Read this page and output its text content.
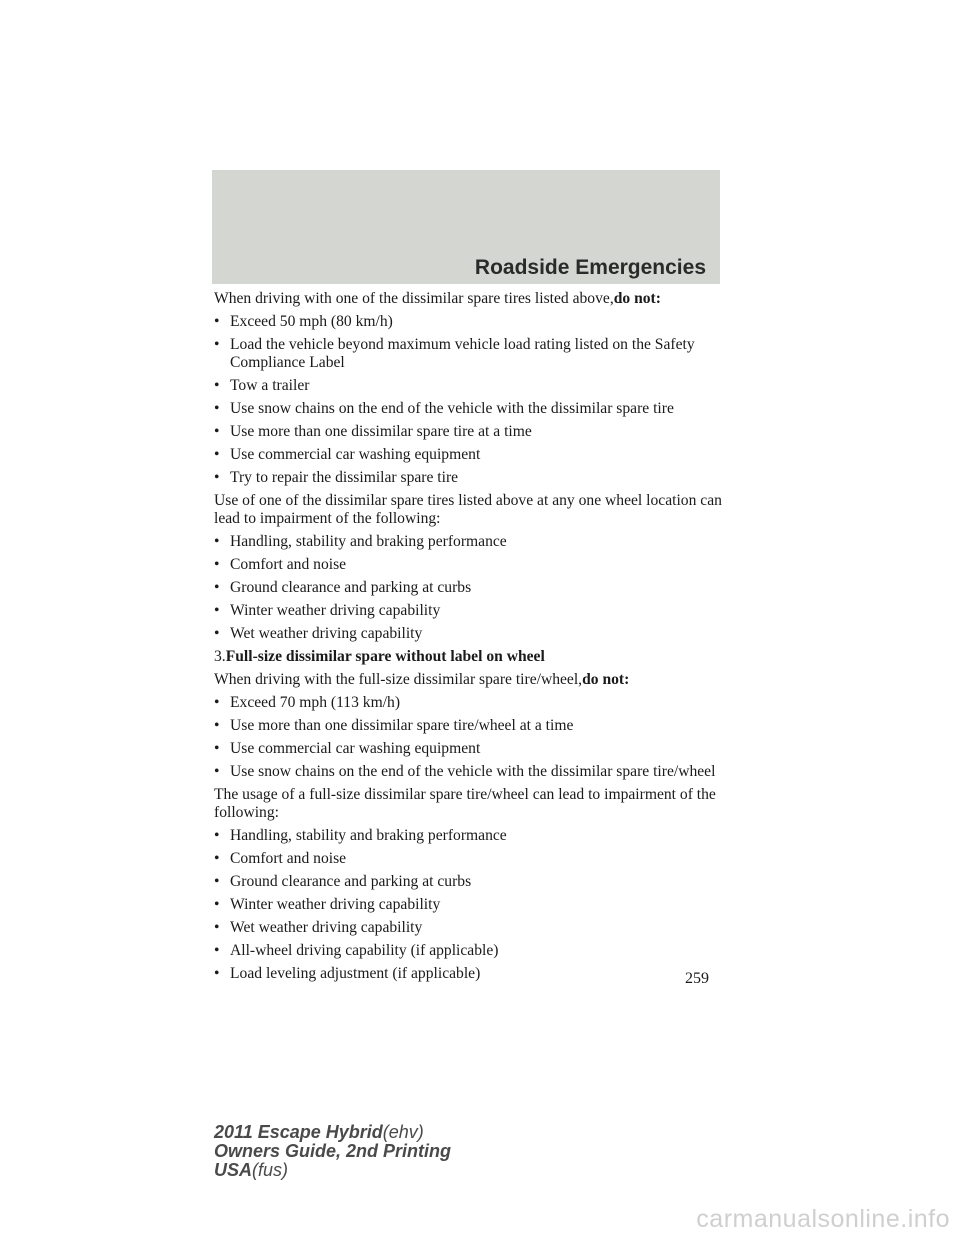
Roadside Emergencies

When driving with one of the dissimilar spare tires listed above,do not:

• Exceed 50 mph (80 km/h)
• Load the vehicle beyond maximum vehicle load rating listed on the Safety Compliance Label
• Tow a trailer
• Use snow chains on the end of the vehicle with the dissimilar spare tire
• Use more than one dissimilar spare tire at a time
• Use commercial car washing equipment
• Try to repair the dissimilar spare tire

Use of one of the dissimilar spare tires listed above at any one wheel location can lead to impairment of the following:

• Handling, stability and braking performance
• Comfort and noise
• Ground clearance and parking at curbs
• Winter weather driving capability
• Wet weather driving capability

3.Full-size dissimilar spare without label on wheel

When driving with the full-size dissimilar spare tire/wheel,do not:

• Exceed 70 mph (113 km/h)
• Use more than one dissimilar spare tire/wheel at a time
• Use commercial car washing equipment
• Use snow chains on the end of the vehicle with the dissimilar spare tire/wheel

The usage of a full-size dissimilar spare tire/wheel can lead to impairment of the following:

• Handling, stability and braking performance
• Comfort and noise
• Ground clearance and parking at curbs
• Winter weather driving capability
• Wet weather driving capability
• All-wheel driving capability (if applicable)
• Load leveling adjustment (if applicable)	259
2011 Escape Hybrid(ehv)
Owners Guide, 2nd Printing
USA(fus)
carmanualsonline.info
